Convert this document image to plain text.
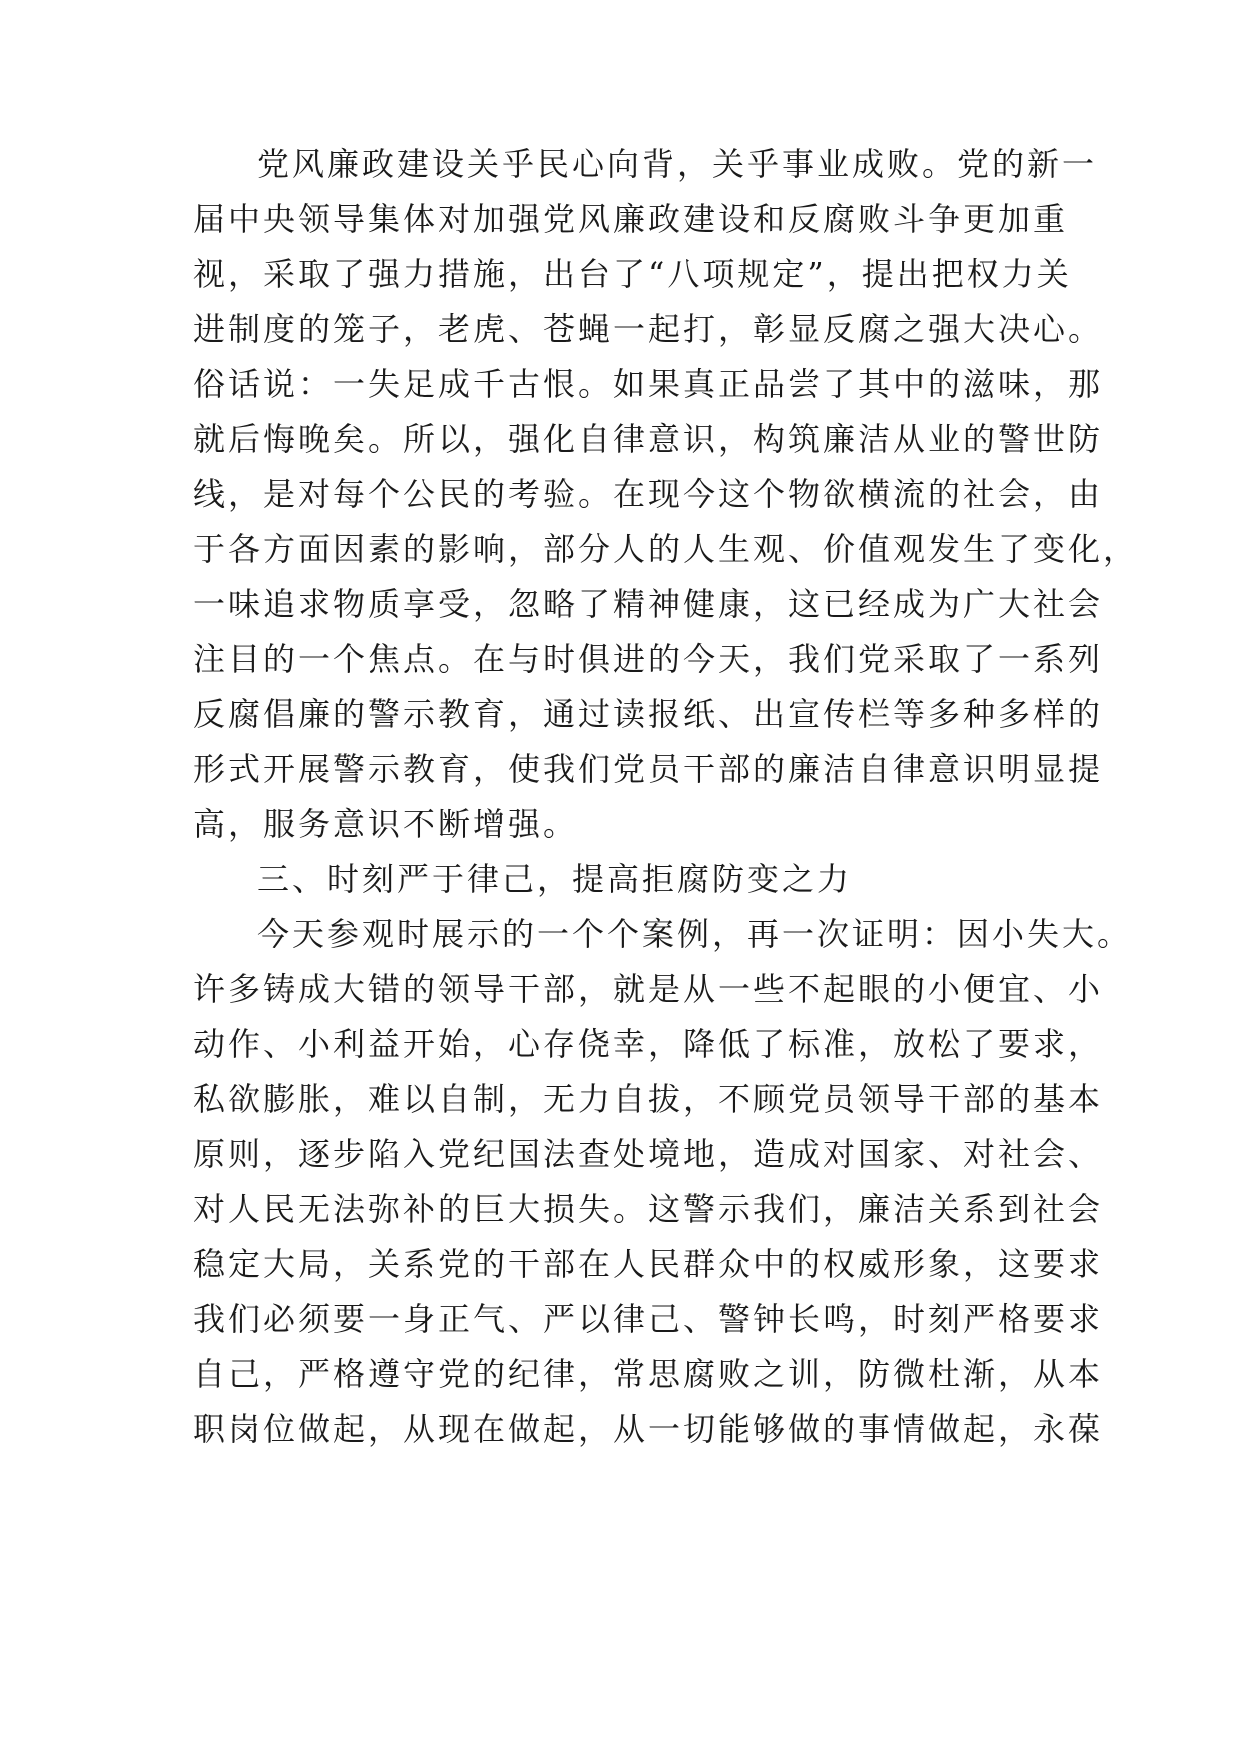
党风廉政建设关乎民心向背，关乎事业成败。党的新一

届中央领导集体对加强党风廉政建设和反腐败斗争更加重

视，采取了强力措施，出台了“八项规定”，提出把权力关

进制度的笼子，老虎、苍蝇一起打，彰显反腐之强大决心。

俗话说：一失足成千古恨。如果真正品尝了其中的滋味，那

就后悔晚矣。所以，强化自律意识，构筑廉洁从业的警世防

线，是对每个公民的考验。在现今这个物欲横流的社会，由

于各方面因素的影响，部分人的人生观、价值观发生了变化，

一味追求物质享受，忽略了精神健康，这已经成为广大社会

注目的一个焦点。在与时俱进的今天，我们党采取了一系列

反腐倡廉的警示教育，通过读报纸、出宣传栏等多种多样的

形式开展警示教育，使我们党员干部的廉洁自律意识明显提

高，服务意识不断增强。

三、时刻严于律己，提高拒腐防变之力

今天参观时展示的一个个案例，再一次证明：因小失大。

许多铸成大错的领导干部，就是从一些不起眼的小便宜、小

动作、小利益开始，心存侥幸，降低了标准，放松了要求，

私欲膨胀，难以自制，无力自拔，不顾党员领导干部的基本

原则，逐步陷入党纪国法查处境地，造成对国家、对社会、

对人民无法弥补的巨大损失。这警示我们，廉洁关系到社会

稳定大局，关系党的干部在人民群众中的权威形象，这要求

我们必须要一身正气、严以律己、警钟长鸣，时刻严格要求

自己，严格遵守党的纪律，常思腐败之训，防微杜渐，从本

职岗位做起，从现在做起，从一切能够做的事情做起，永葆
